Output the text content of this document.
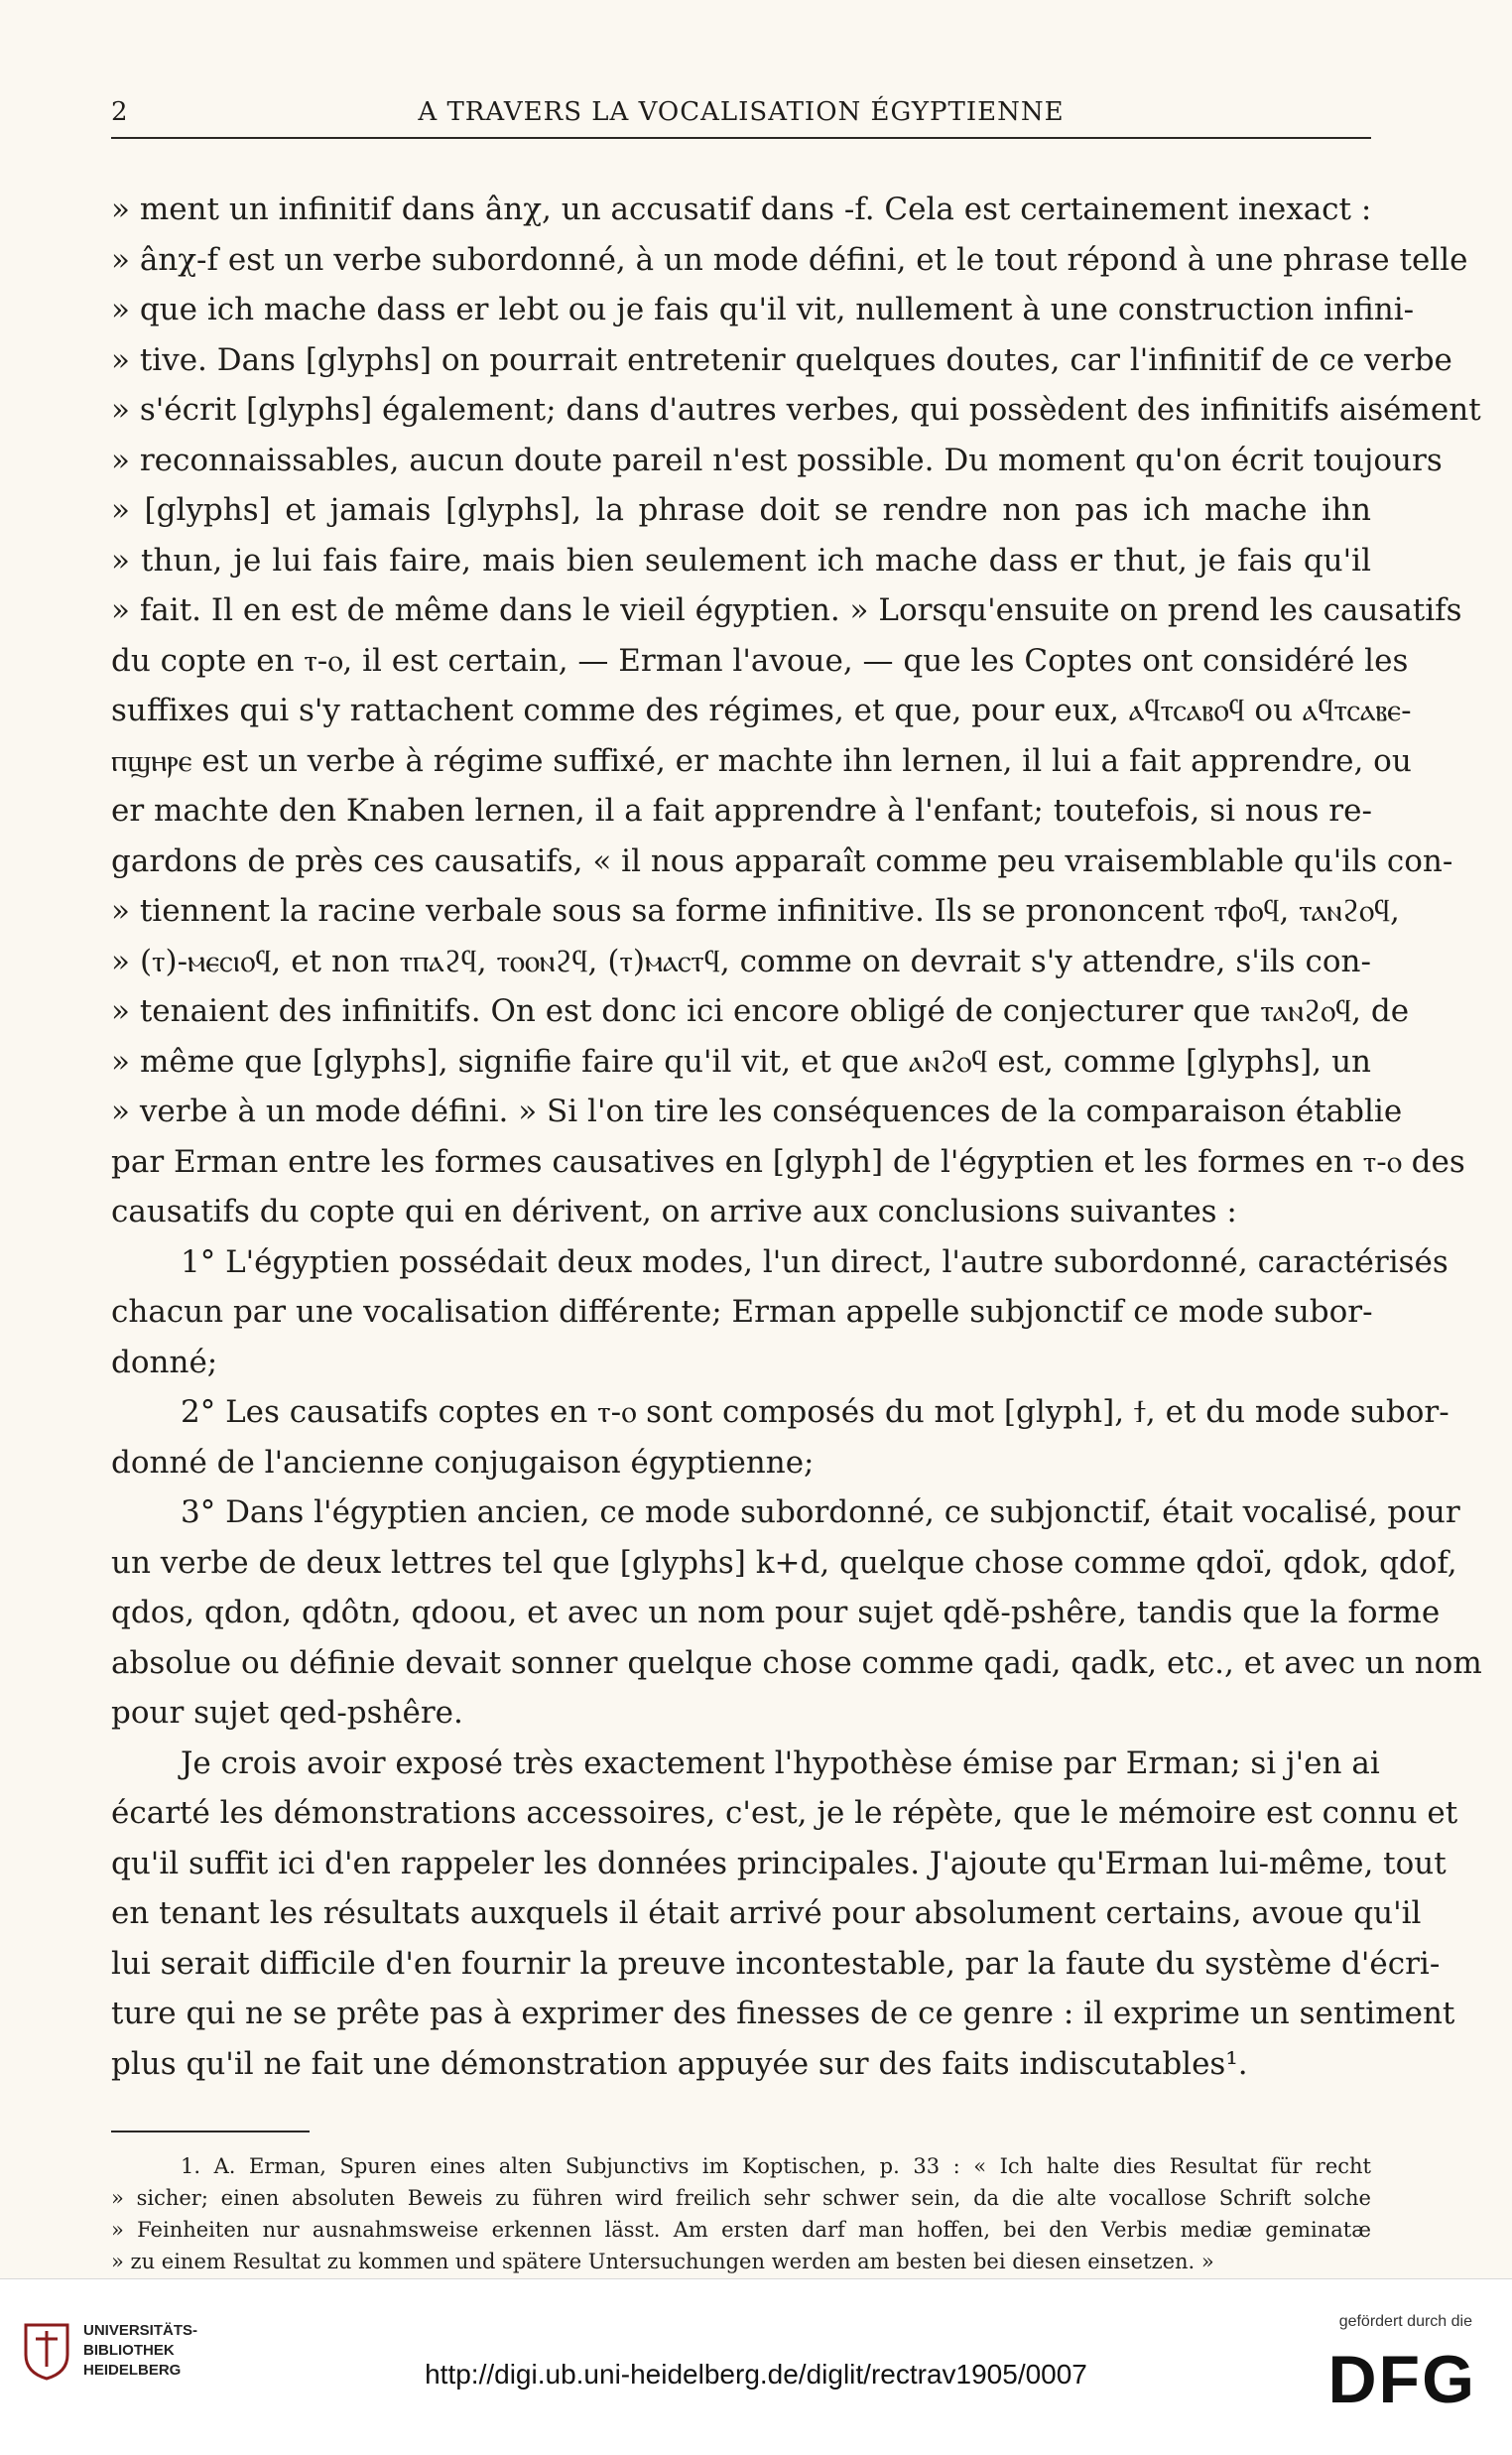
2	A TRAVERS LA VOCALISATION ÉGYPTIENNE
» ment un infinitif dans ânχ, un accusatif dans -f. Cela est certainement inexact :
» ânχ-f est un verbe subordonné, à un mode défini, et le tout répond à une phrase telle
» que ich mache dass er lebt ou je fais qu'il vit, nullement à une construction infini-
» tive. Dans [glyphs] on pourrait entretenir quelques doutes, car l'infinitif de ce verbe
» s'écrit [glyphs] également; dans d'autres verbes, qui possèdent des infinitifs aisément
» reconnaissables, aucun doute pareil n'est possible. Du moment qu'on écrit toujours
» [glyphs] et jamais [glyphs], la phrase doit se rendre non pas ich mache ihn
» thun, je lui fais faire, mais bien seulement ich mache dass er thut, je fais qu'il
» fait. Il en est de même dans le vieil égyptien. » Lorsqu'ensuite on prend les causatifs
du copte en ⲧ-ⲟ, il est certain, — Erman l'avoue, — que les Coptes ont considéré les
suffixes qui s'y rattachent comme des régimes, et que, pour eux, ⲁϥⲧⲥⲁⲃⲟϥ ou ⲁϥⲧⲥⲁⲃⲉ-
ⲡϣⲏⲣⲉ est un verbe à régime suffixé, er machte ihn lernen, il lui a fait apprendre, ou
er machte den Knaben lernen, il a fait apprendre à l'enfant; toutefois, si nous re-
gardons de près ces causatifs, « il nous apparaît comme peu vraisemblable qu'ils con-
» tiennent la racine verbale sous sa forme infinitive. Ils se prononcent ⲧϕⲟϥ, ⲧⲁⲛϩⲟϥ,
» (ⲧ)-ⲙⲉⲥⲓⲟϥ, et non ⲧⲡⲁϩϥ, ⲧⲟⲟⲛϩϥ, (ⲧ)ⲙⲁⲥⲧϥ, comme on devrait s'y attendre, s'ils con-
» tenaient des infinitifs. On est donc ici encore obligé de conjecturer que ⲧⲁⲛϩⲟϥ, de
» même que [glyphs], signifie faire qu'il vit, et que ⲁⲛϩⲟϥ est, comme [glyphs], un
» verbe à un mode défini. » Si l'on tire les conséquences de la comparaison établie
par Erman entre les formes causatives en [glyph] de l'égyptien et les formes en ⲧ-ⲟ des
causatifs du copte qui en dérivent, on arrive aux conclusions suivantes :
1° L'égyptien possédait deux modes, l'un direct, l'autre subordonné, caractérisés
chacun par une vocalisation différente; Erman appelle subjonctif ce mode subor-
donné;
2° Les causatifs coptes en ⲧ-ⲟ sont composés du mot [glyph], ϯ, et du mode subor-
donné de l'ancienne conjugaison égyptienne;
3° Dans l'égyptien ancien, ce mode subordonné, ce subjonctif, était vocalisé, pour
un verbe de deux lettres tel que [glyphs] k+d, quelque chose comme qdoï, qdok, qdof,
qdos, qdon, qdôtn, qdoou, et avec un nom pour sujet qdĕ-pshêre, tandis que la forme
absolue ou définie devait sonner quelque chose comme qadi, qadk, etc., et avec un nom
pour sujet qed-pshêre.
Je crois avoir exposé très exactement l'hypothèse émise par Erman; si j'en ai
écarté les démonstrations accessoires, c'est, je le répète, que le mémoire est connu et
qu'il suffit ici d'en rappeler les données principales. J'ajoute qu'Erman lui-même, tout
en tenant les résultats auxquels il était arrivé pour absolument certains, avoue qu'il
lui serait difficile d'en fournir la preuve incontestable, par la faute du système d'écri-
ture qui ne se prête pas à exprimer des finesses de ce genre : il exprime un sentiment
plus qu'il ne fait une démonstration appuyée sur des faits indiscutables¹.
1. A. Erman, Spuren eines alten Subjunctivs im Koptischen, p. 33 : « Ich halte dies Resultat für recht
» sicher; einen absoluten Beweis zu führen wird freilich sehr schwer sein, da die alte vocallose Schrift solche
» Feinheiten nur ausnahmsweise erkennen lässt. Am ersten darf man hoffen, bei den Verbis mediæ geminatæ
» zu einem Resultat zu kommen und spätere Untersuchungen werden am besten bei diesen einsetzen. »
UNIVERSITÄTS-
BIBLIOTHEK
HEIDELBERG	http://digi.ub.uni-heidelberg.de/diglit/rectrav1905/0007
gefördert durch die
DFG
